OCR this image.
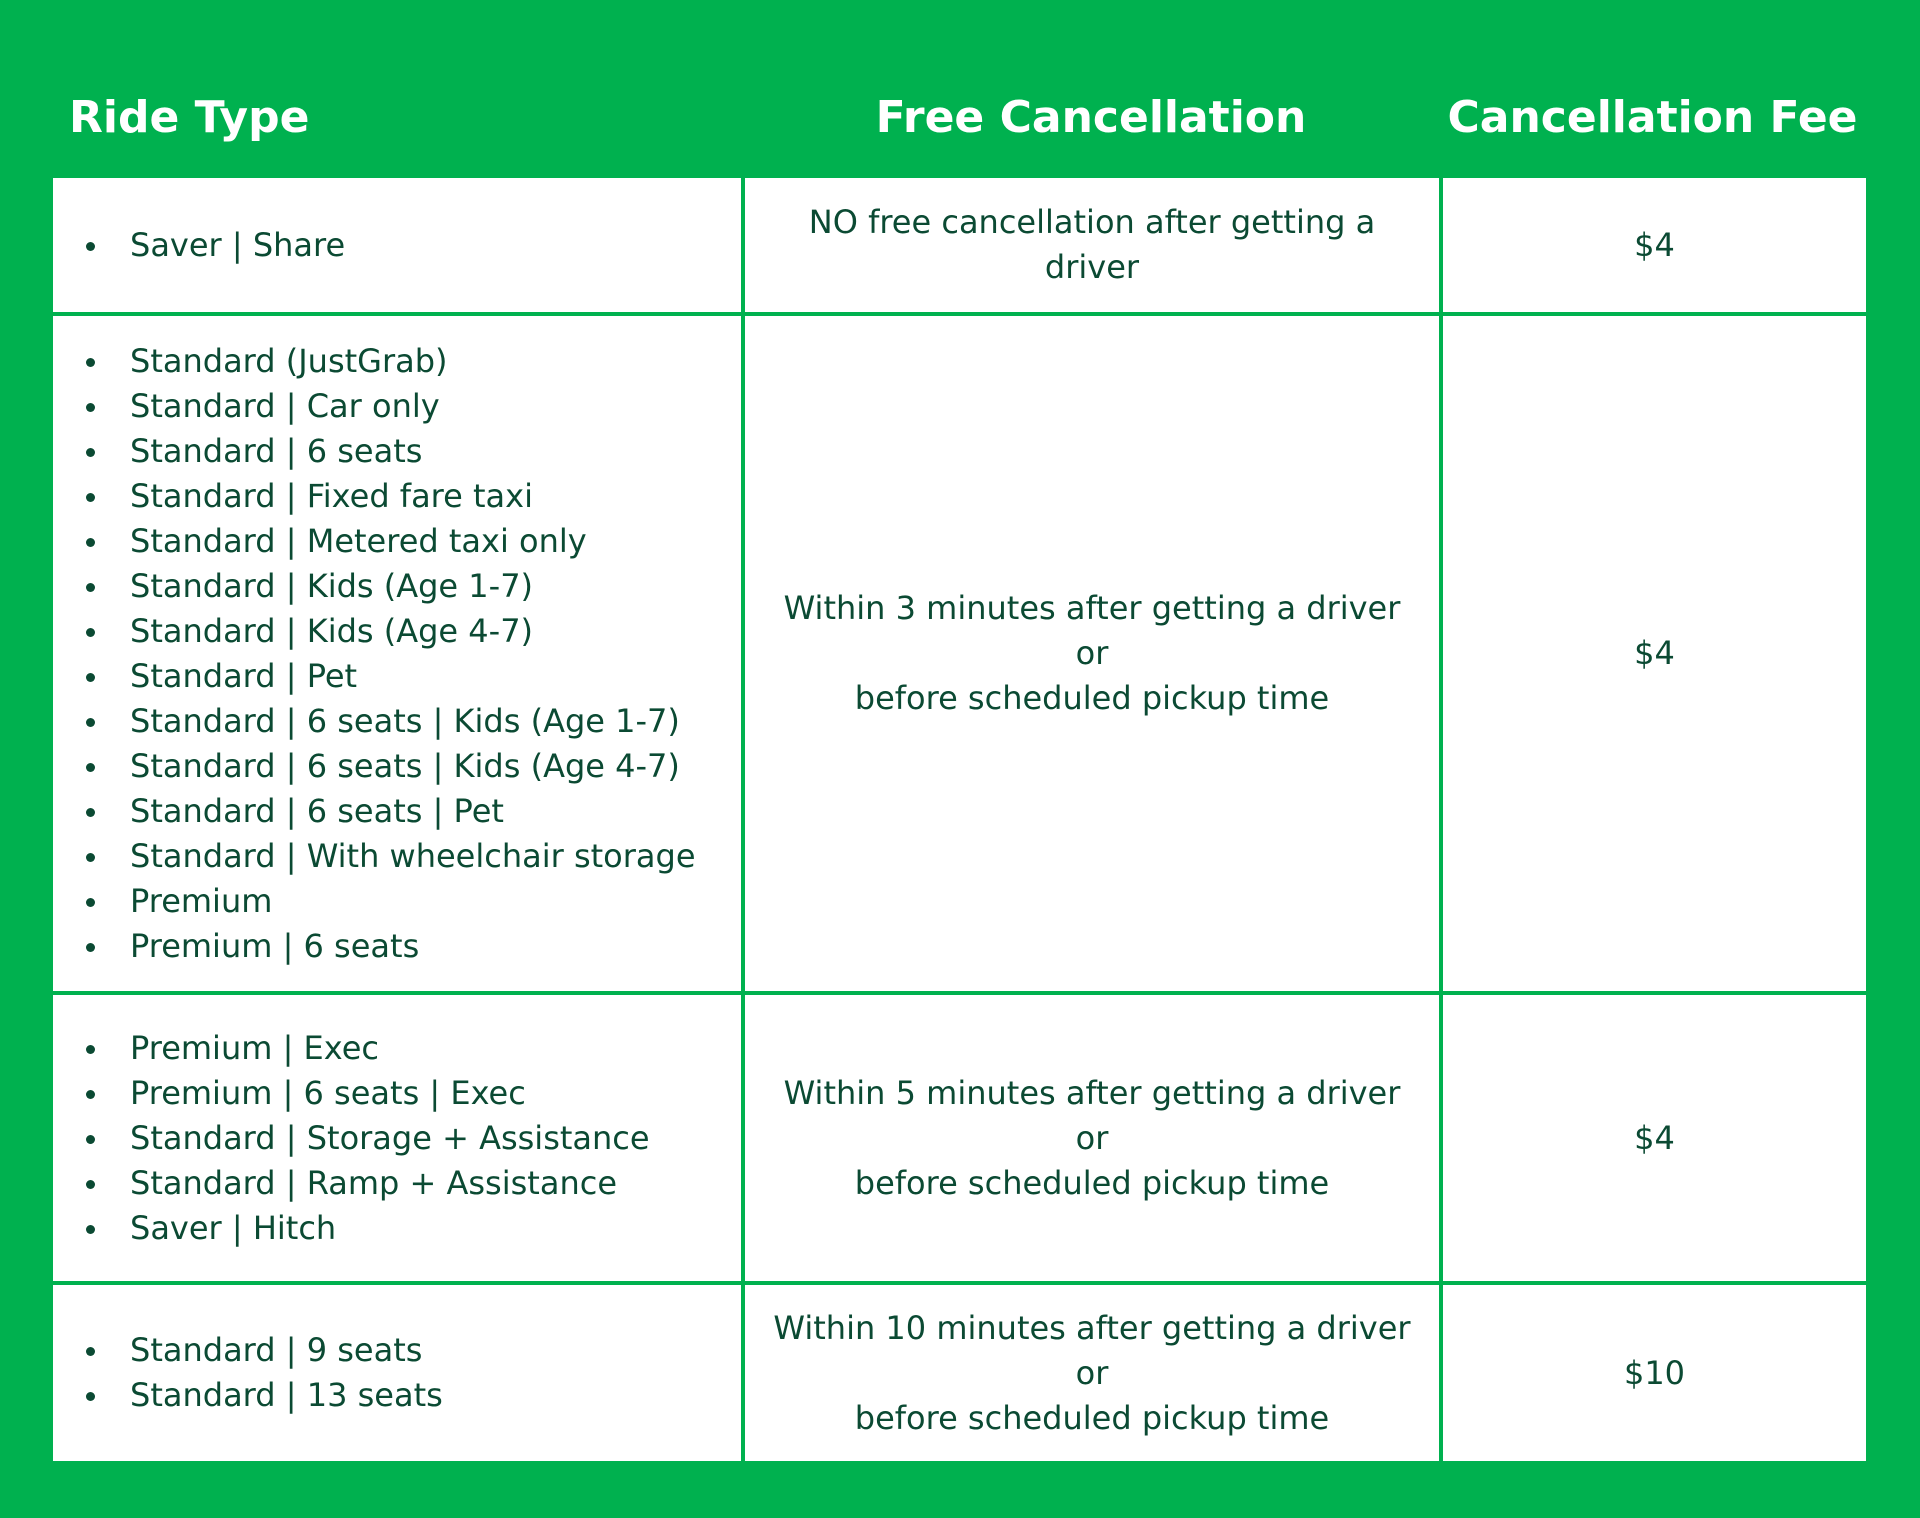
Ride Type	Free Cancellation	Cancellation Fee
Saver | Share
NO free cancellation after getting a
driver
$4
Standard (JustGrab)
Standard | Car only
Standard | 6 seats
Standard | Fixed fare taxi
Standard | Metered taxi only
Standard | Kids (Age 1-7)
Standard | Kids (Age 4-7)
Standard | Pet
Standard | 6 seats | Kids (Age 1-7)
Standard | 6 seats | Kids (Age 4-7)
Standard | 6 seats | Pet
Standard | With wheelchair storage
Premium
Premium | 6 seats
Within 3 minutes after getting a driver
or
before scheduled pickup time
$4
Premium | Exec
Premium | 6 seats | Exec
Standard | Storage + Assistance
Standard | Ramp + Assistance
Saver | Hitch
Within 5 minutes after getting a driver
or
before scheduled pickup time
$4
Standard | 9 seats
Standard | 13 seats
Within 10 minutes after getting a driver
or
before scheduled pickup time
$10
